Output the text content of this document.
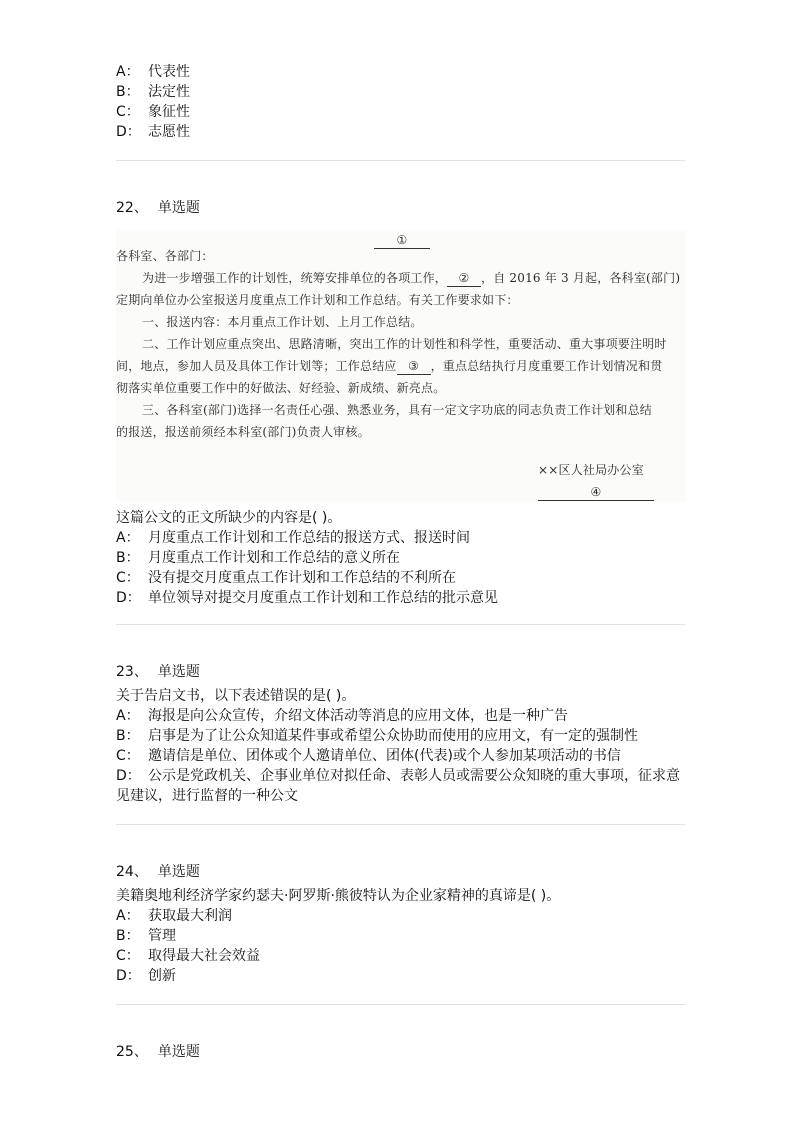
A： 代表性
B： 法定性
C： 象征性
D： 志愿性
22、 单选题
①
各科室、各部门：
为进一步增强工作的计划性，统筹安排单位的各项工作， ② ，自 2016 年 3 月起，各科室(部门)
定期向单位办公室报送月度重点工作计划和工作总结。有关工作要求如下：
一、报送内容：本月重点工作计划、上月工作总结。
二、工作计划应重点突出、思路清晰，突出工作的计划性和科学性，重要活动、重大事项要注明时
间，地点，参加人员及具体工作计划等；工作总结应 ③ ，重点总结执行月度重要工作计划情况和贯
彻落实单位重要工作中的好做法、好经验、新成绩、新亮点。
三、各科室(部门)选择一名责任心强、熟悉业务，具有一定文字功底的同志负责工作计划和总结
的报送，报送前须经本科室(部门)负责人审核。
××区人社局办公室
④
这篇公文的正文所缺少的内容是( )。
A： 月度重点工作计划和工作总结的报送方式、报送时间
B： 月度重点工作计划和工作总结的意义所在
C： 没有提交月度重点工作计划和工作总结的不利所在
D： 单位领导对提交月度重点工作计划和工作总结的批示意见
23、 单选题
关于告启文书，以下表述错误的是( )。
A： 海报是向公众宣传，介绍文体活动等消息的应用文体，也是一种广告
B： 启事是为了让公众知道某件事或希望公众协助而使用的应用文，有一定的强制性
C： 邀请信是单位、团体或个人邀请单位、团体(代表)或个人参加某项活动的书信
D： 公示是党政机关、企事业单位对拟任命、表彰人员或需要公众知晓的重大事项，征求意见建议，进行监督的一种公文
24、 单选题
美籍奥地利经济学家约瑟夫·阿罗斯·熊彼特认为企业家精神的真谛是( )。
A： 获取最大利润
B： 管理
C： 取得最大社会效益
D： 创新
25、 单选题
